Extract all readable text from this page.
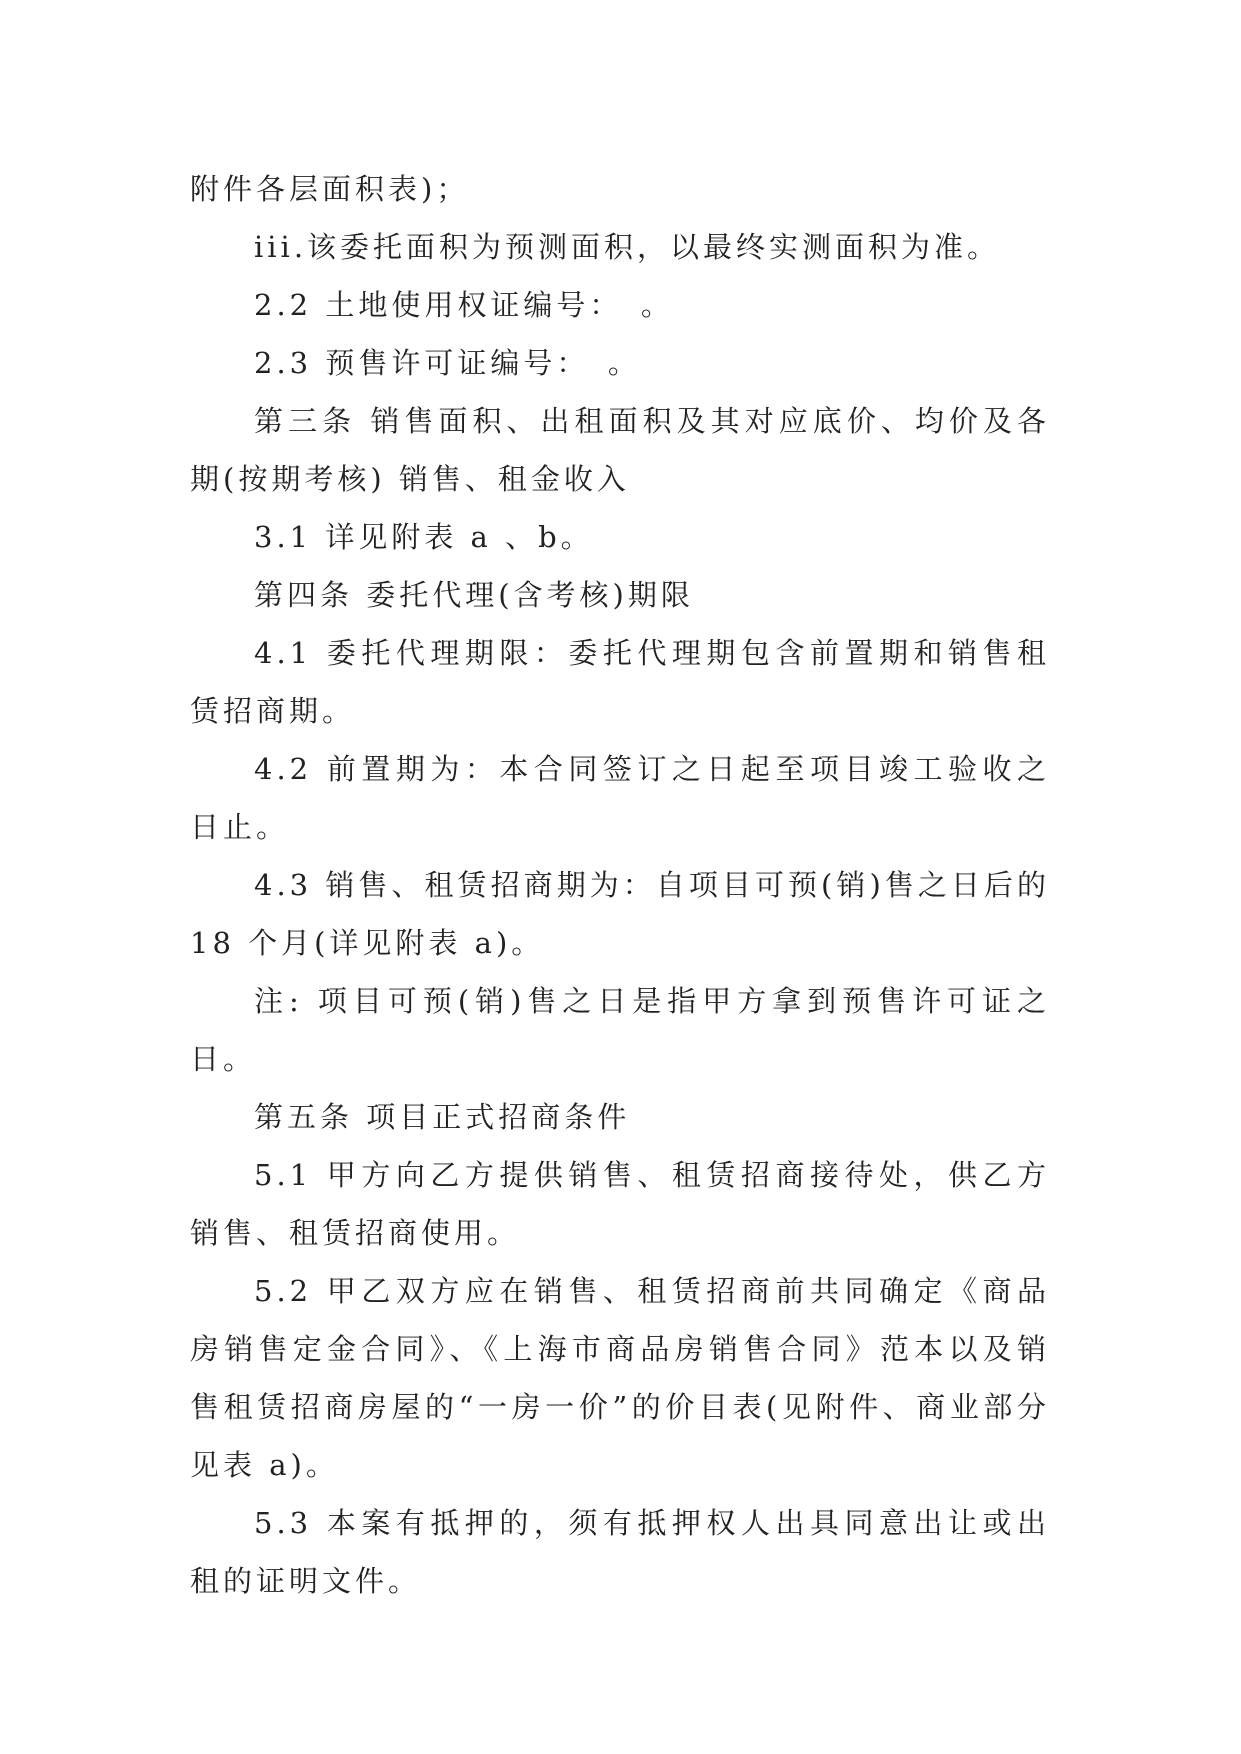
附件各层面积表)；

iii.该委托面积为预测面积，以最终实测面积为准。

2.2 土地使用权证编号：　。

2.3 预售许可证编号：　。

第三条 销售面积、出租面积及其对应底价、均价及各期(按期考核) 销售、租金收入

3.1 详见附表 a 、b。

第四条 委托代理(含考核)期限

4.1 委托代理期限：委托代理期包含前置期和销售租赁招商期。

4.2 前置期为：本合同签订之日起至项目竣工验收之日止。

4.3 销售、租赁招商期为：自项目可预(销)售之日后的18 个月(详见附表 a)。

注: 项目可预(销)售之日是指甲方拿到预售许可证之日。

第五条 项目正式招商条件

5.1 甲方向乙方提供销售、租赁招商接待处，供乙方销售、租赁招商使用。

5.2 甲乙双方应在销售、租赁招商前共同确定《商品房销售定金合同》、《上海市商品房销售合同》范本以及销售租赁招商房屋的“一房一价”的价目表(见附件、商业部分见表 a)。

5.3 本案有抵押的，须有抵押权人出具同意出让或出租的证明文件。
